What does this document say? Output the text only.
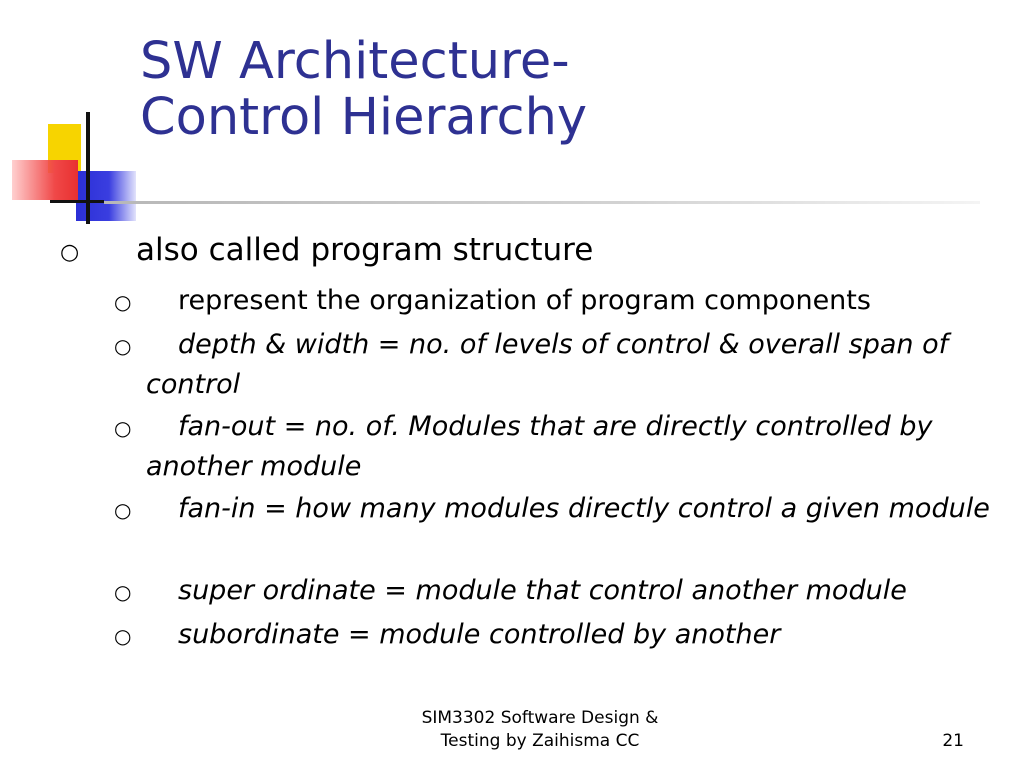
SW Architecture-
Control Hierarchy
○ also called program structure
○ represent the organization of program components
○	depth & width = no. of levels of control & overall span of control
○	fan-out = no. of. Modules that are directly controlled by another module
○	fan-in = how many modules directly control a given module
○	super ordinate = module that control another module
○	subordinate = module controlled by another
SIM3302 Software Design &
Testing by Zaihisma CC	21
